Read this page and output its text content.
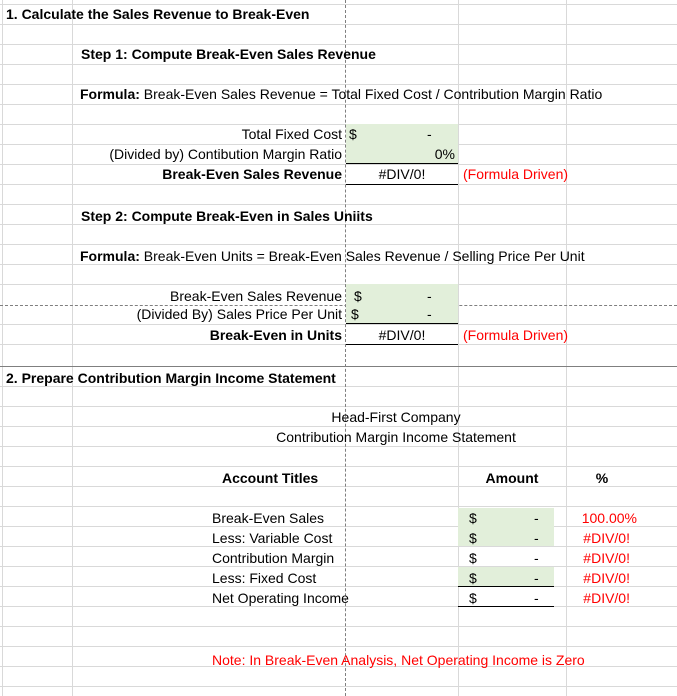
1. Calculate the Sales Revenue to Break-Even
Step 1: Compute Break-Even Sales Revenue
Formula: Break-Even Sales Revenue = Total Fixed Cost / Contribution Margin Ratio
Total Fixed Cost $	-
(Divided by) Contibution Margin Ratio	0%
Break-Even Sales Revenue	#DIV/0!	(Formula Driven)
Step 2: Compute Break-Even in Sales Uniits
Formula: Break-Even Units = Break-Even Sales Revenue / Selling Price Per Unit
Break-Even Sales Revenue $	-
(Divided By) Sales Price Per Unit $	-
Break-Even in Units	#DIV/0!	(Formula Driven)
2. Prepare Contribution Margin Income Statement
Head-First Company
Contribution Margin Income Statement
Account Titles	Amount	%
Break-Even Sales	$	-	100.00%
Less: Variable Cost	$	-	#DIV/0!
Contribution Margin	$	-	#DIV/0!
Less: Fixed Cost	$	-	#DIV/0!
Net Operating Income	$	-	#DIV/0!
Note: In Break-Even Analysis, Net Operating Income is Zero
